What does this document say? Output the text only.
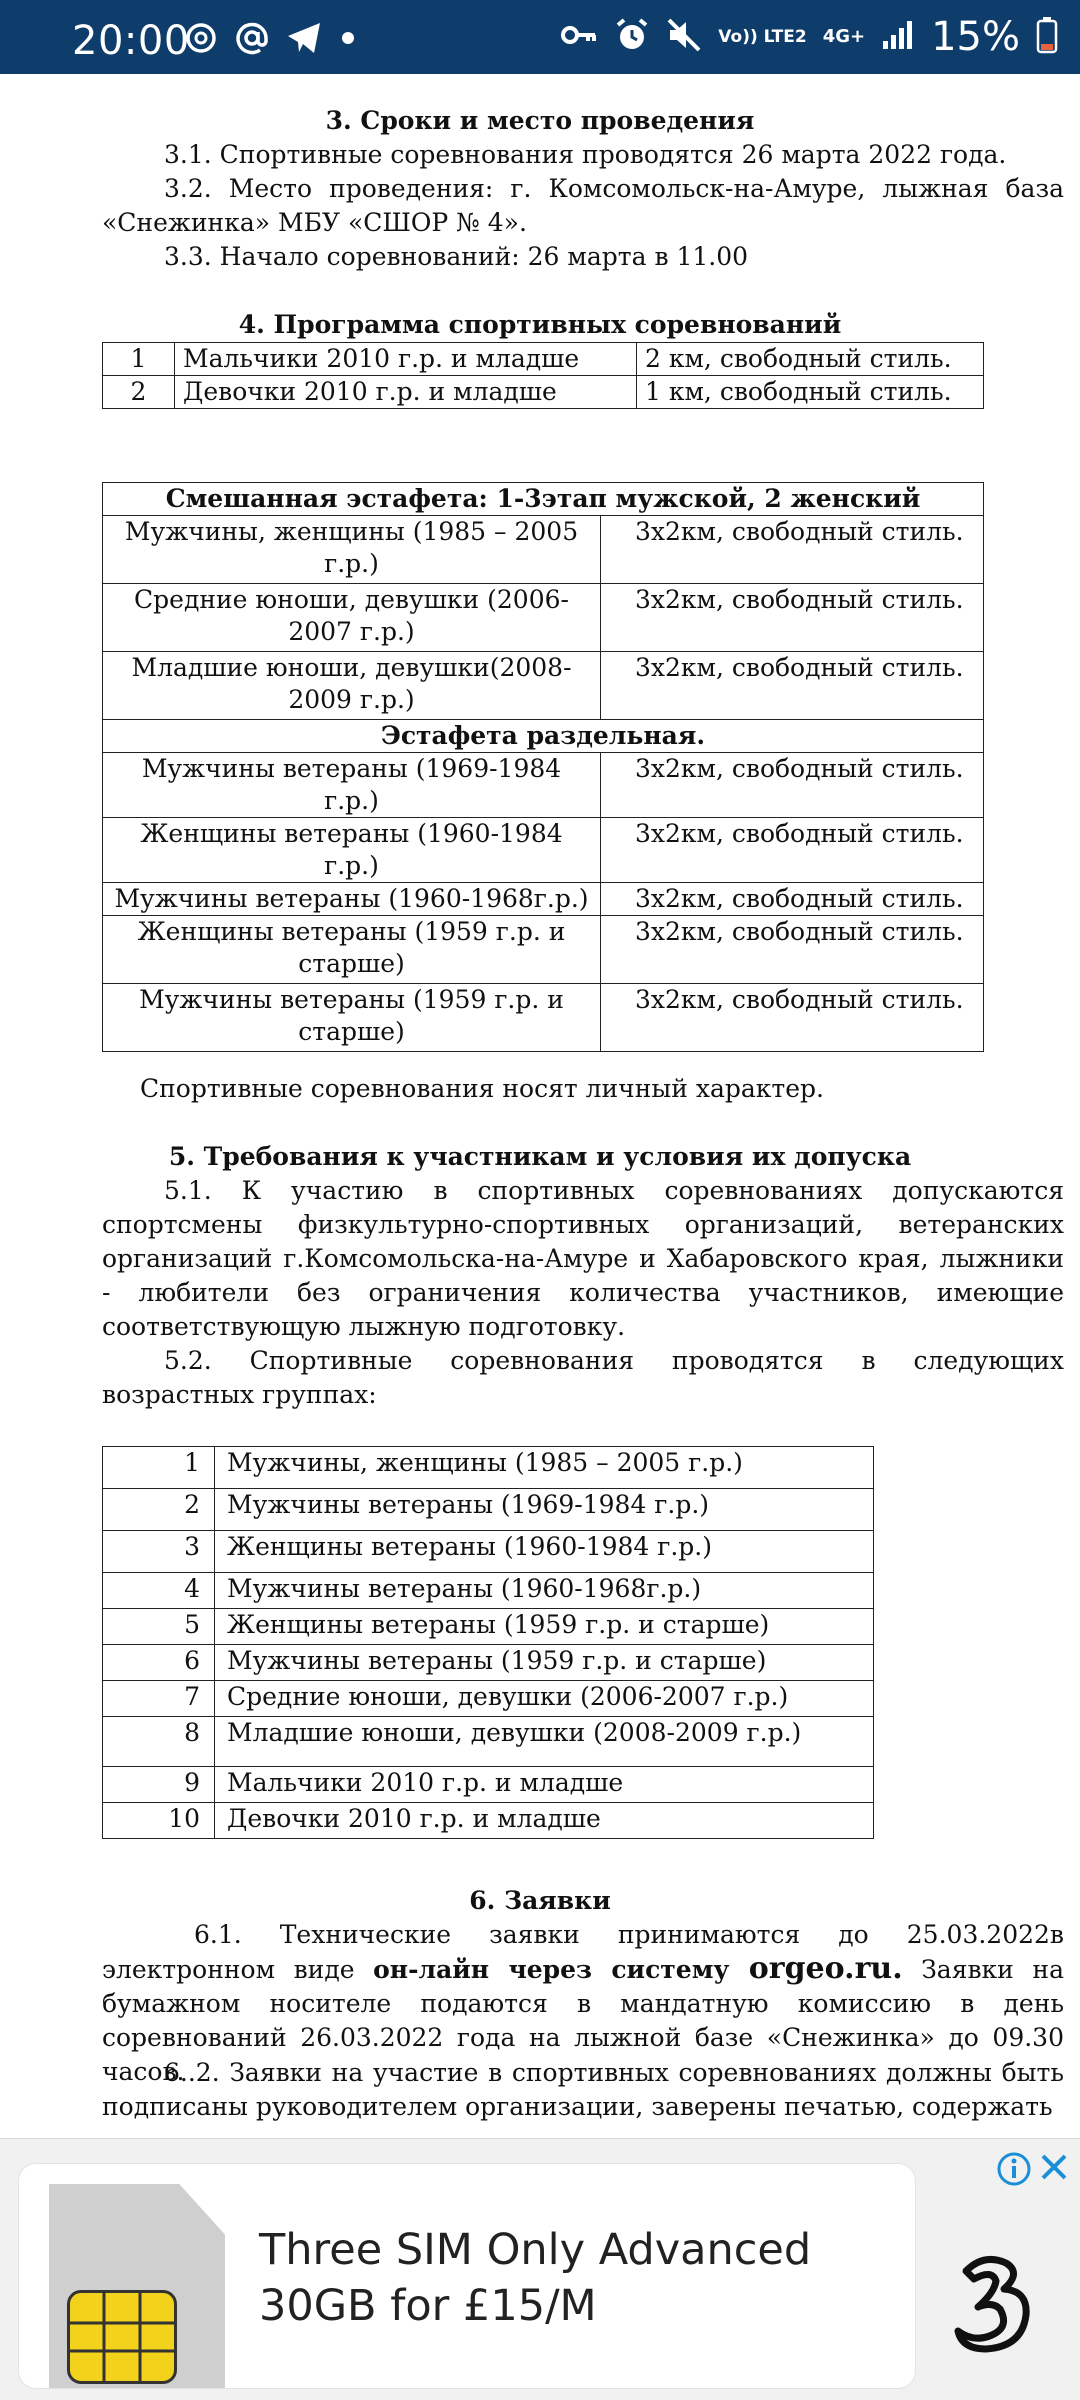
20:00	Vo)) LTE2 4G+ 15%
3. Сроки и место проведения
3.1. Спортивные соревнования проводятся 26 марта 2022 года.
3.2. Место проведения: г. Комсомольск-на-Амуре, лыжная база «Снежинка» МБУ «СШОР № 4».
3.3. Начало соревнований: 26 марта в 11.00
4. Программа спортивных соревнований
1	Мальчики 2010 г.р. и младше	2 км, свободный стиль.
2	Девочки 2010 г.р. и младше	1 км, свободный стиль.
Смешанная эстафета: 1-3этап мужской, 2 женский	
Мужчины, женщины (1985 – 2005 г.р.)	3х2км, свободный стиль.
Средние юноши, девушки (2006-2007 г.р.)	3х2км, свободный стиль.
Младшие юноши, девушки(2008-2009 г.р.)	3х2км, свободный стиль.
Эстафета раздельная.	
Мужчины ветераны (1969-1984 г.р.)	3х2км, свободный стиль.
Женщины ветераны (1960-1984 г.р.)	3х2км, свободный стиль.
Мужчины ветераны (1960-1968г.р.)	3х2км, свободный стиль.
Женщины ветераны (1959 г.р. и старше)	3х2км, свободный стиль.
Мужчины ветераны (1959 г.р. и старше)	3х2км, свободный стиль.
Спортивные соревнования носят личный характер.
5. Требования к участникам и условия их допуска
5.1. К участию в спортивных соревнованиях допускаются спортсмены физкультурно-спортивных организаций, ветеранских организаций г.Комсомольска-на-Амуре и Хабаровского края, лыжники - любители без ограничения количества участников, имеющие соответствующую лыжную подготовку.
5.2. Спортивные соревнования проводятся в следующих возрастных группах:
1	Мужчины, женщины (1985 – 2005 г.р.)
2	Мужчины ветераны (1969-1984 г.р.)
3	Женщины ветераны (1960-1984 г.р.)
4	Мужчины ветераны (1960-1968г.р.)
5	Женщины ветераны (1959 г.р. и старше)
6	Мужчины ветераны (1959 г.р. и старше)
7	Средние юноши, девушки (2006-2007 г.р.)
8	Младшие юноши, девушки (2008-2009 г.р.)
9	Мальчики 2010 г.р. и младше
10	Девочки 2010 г.р. и младше
6. Заявки
6.1. Технические заявки принимаются до 25.03.2022в электронном виде он-лайн через систему orgeo.ru. Заявки на бумажном носителе подаются в мандатную комиссию в день соревнований 26.03.2022 года на лыжной базе «Снежинка» до 09.30 часов.
6..2. Заявки на участие в спортивных соревнованиях должны быть подписаны руководителем организации, заверены печатью, содержать
Three SIM Only Advanced 30GB for £15/M
